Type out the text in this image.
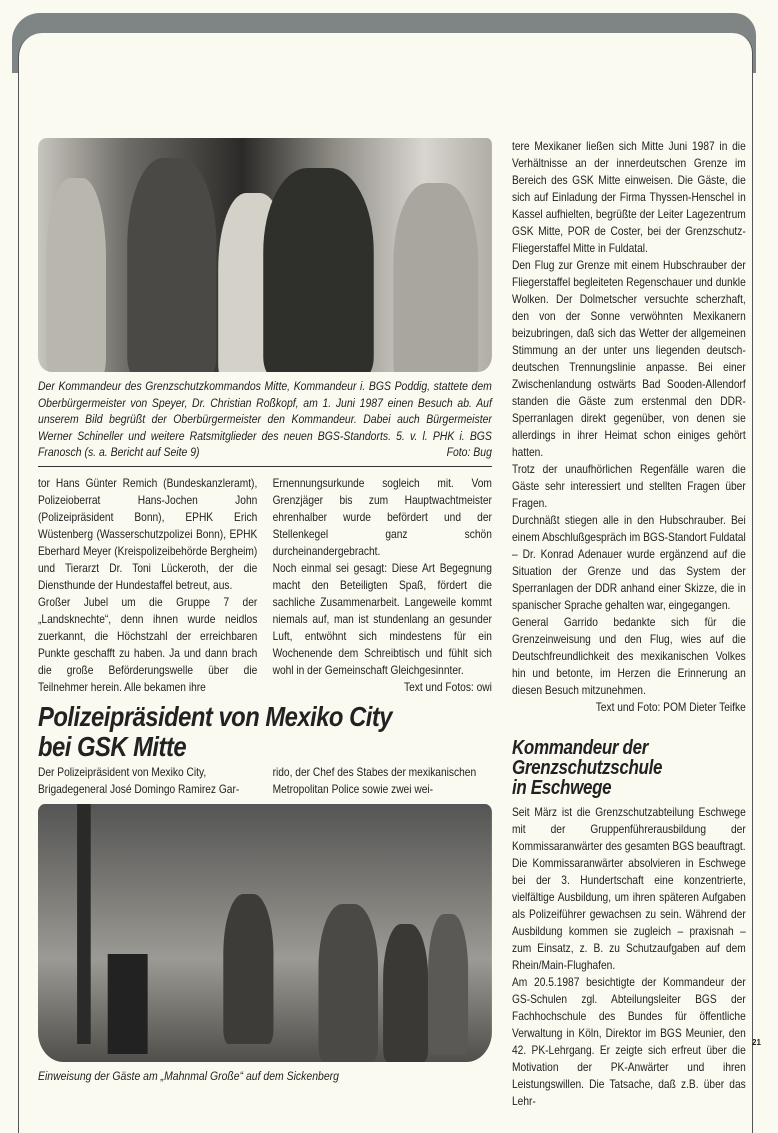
Der Kommandeur des Grenzschutzkommandos Mitte, Kommandeur i. BGS Poddig, stattete dem Oberbürgermeister von Speyer, Dr. Christian Roßkopf, am 1. Juni 1987 einen Besuch ab. Auf unserem Bild begrüßt der Oberbürgermeister den Kommandeur. Dabei auch Bürgermeister Werner Schineller und weitere Ratsmitglieder des neuen BGS-Standorts. 5. v. l. PHK i. BGS Franosch (s. a. Bericht auf Seite 9)	Foto: Bug

tor Hans Günter Remich (Bundeskanzleramt), Polizeioberrat Hans-Jochen John (Polizeipräsident Bonn), EPHK Erich Wüstenberg (Wasserschutzpolizei Bonn), EPHK Eberhard Meyer (Kreispolizeibehörde Bergheim) und Tierarzt Dr. Toni Lückeroth, der die Diensthunde der Hundestaffel betreut, aus.

Großer Jubel um die Gruppe 7 der „Landsknechte“, denn ihnen wurde neidlos zuerkannt, die Höchstzahl der erreichbaren Punkte geschafft zu haben. Ja und dann brach die große Beförderungswelle über die Teilnehmer herein. Alle bekamen ihre

Ernennungsurkunde sogleich mit. Vom Grenzjäger bis zum Hauptwachtmeister ehrenhalber wurde befördert und der Stellenkegel ganz schön durcheinandergebracht.

Noch einmal sei gesagt: Diese Art Begegnung macht den Beteiligten Spaß, fördert die sachliche Zusammenarbeit. Langeweile kommt niemals auf, man ist stundenlang an gesunder Luft, entwöhnt sich mindestens für ein Wochenende dem Schreibtisch und fühlt sich wohl in der Gemeinschaft Gleichgesinnter.

Text und Fotos: owi

Polizeipräsident von Mexiko City
bei GSK Mitte

Der Polizeipräsident von Mexiko City, Brigadegeneral José Domingo Ramirez Gar-

rido, der Chef des Stabes der mexikanischen Metropolitan Police sowie zwei wei-

Einweisung der Gäste am „Mahnmal Große“ auf dem Sickenberg

tere Mexikaner ließen sich Mitte Juni 1987 in die Verhältnisse an der innerdeutschen Grenze im Bereich des GSK Mitte einweisen. Die Gäste, die sich auf Einladung der Firma Thyssen-Henschel in Kassel aufhielten, begrüßte der Leiter Lagezentrum GSK Mitte, POR de Coster, bei der Grenzschutz-Fliegerstaffel Mitte in Fuldatal.

Den Flug zur Grenze mit einem Hubschrauber der Fliegerstaffel begleiteten Regenschauer und dunkle Wolken. Der Dolmetscher versuchte scherzhaft, den von der Sonne verwöhnten Mexikanern beizubringen, daß sich das Wetter der allgemeinen Stimmung an der unter uns liegenden deutsch-deutschen Trennungslinie anpasse. Bei einer Zwischenlandung ostwärts Bad Sooden-Allendorf standen die Gäste zum erstenmal den DDR-Sperranlagen direkt gegenüber, von denen sie allerdings in ihrer Heimat schon einiges gehört hatten.

Trotz der unaufhörlichen Regenfälle waren die Gäste sehr interessiert und stellten Fragen über Fragen.

Durchnäßt stiegen alle in den Hubschrauber. Bei einem Abschlußgespräch im BGS-Standort Fuldatal – Dr. Konrad Adenauer wurde ergänzend auf die Situation der Grenze und das System der Sperranlagen der DDR anhand einer Skizze, die in spanischer Sprache gehalten war, eingegangen.

General Garrido bedankte sich für die Grenzeinweisung und den Flug, wies auf die Deutschfreundlichkeit des mexikanischen Volkes hin und betonte, im Herzen die Erinnerung an diesen Besuch mitzunehmen.

Text und Foto: POM Dieter Teifke

Kommandeur der
Grenzschutzschule
in Eschwege

Seit März ist die Grenzschutzabteilung Eschwege mit der Gruppenführerausbildung der Kommissaranwärter des gesamten BGS beauftragt.

Die Kommissaranwärter absolvieren in Eschwege bei der 3. Hundertschaft eine konzentrierte, vielfältige Ausbildung, um ihren späteren Aufgaben als Polizeiführer gewachsen zu sein. Während der Ausbildung kommen sie zugleich – praxisnah – zum Einsatz, z. B. zu Schutzaufgaben auf dem Rhein/Main-Flughafen.

Am 20.5.1987 besichtigte der Kommandeur der GS-Schulen zgl. Abteilungsleiter BGS der Fachhochschule des Bundes für öffentliche Verwaltung in Köln, Direktor im BGS Meunier, den 42. PK-Lehrgang. Er zeigte sich erfreut über die Motivation der PK-Anwärter und ihren Leistungswillen. Die Tatsache, daß z.B. über das Lehr-

21
